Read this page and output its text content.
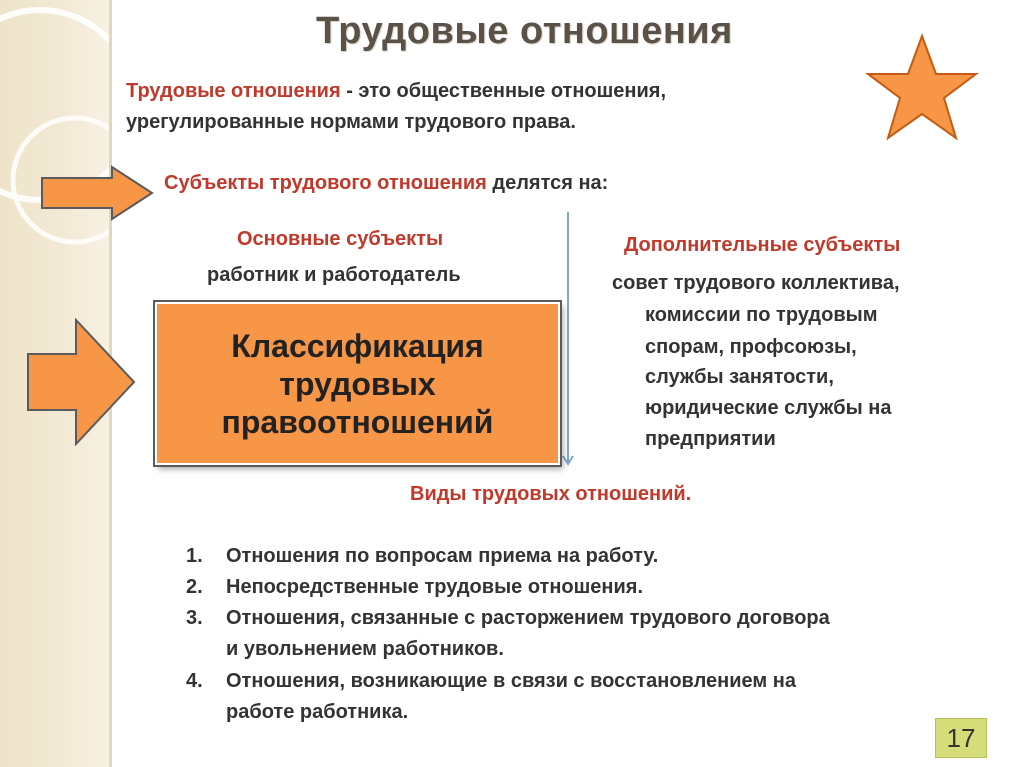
Трудовые отношения
Трудовые отношения - это общественные отношения,
урегулированные нормами трудового права.
Субъекты трудового отношения делятся на:
Основные субъекты
работник и работодатель
Дополнительные субъекты
совет трудового коллектива,
комиссии по трудовым
спорам, профсоюзы,
службы занятости,
юридические службы на
предприятии
Классификация трудовых правоотношений
Виды трудовых отношений.
1. Отношения по вопросам приема на работу.
2. Непосредственные трудовые отношения.
3. Отношения, связанные с расторжением трудового договора
и увольнением работников.
4. Отношения, возникающие в связи с восстановлением на
работе работника.
17
